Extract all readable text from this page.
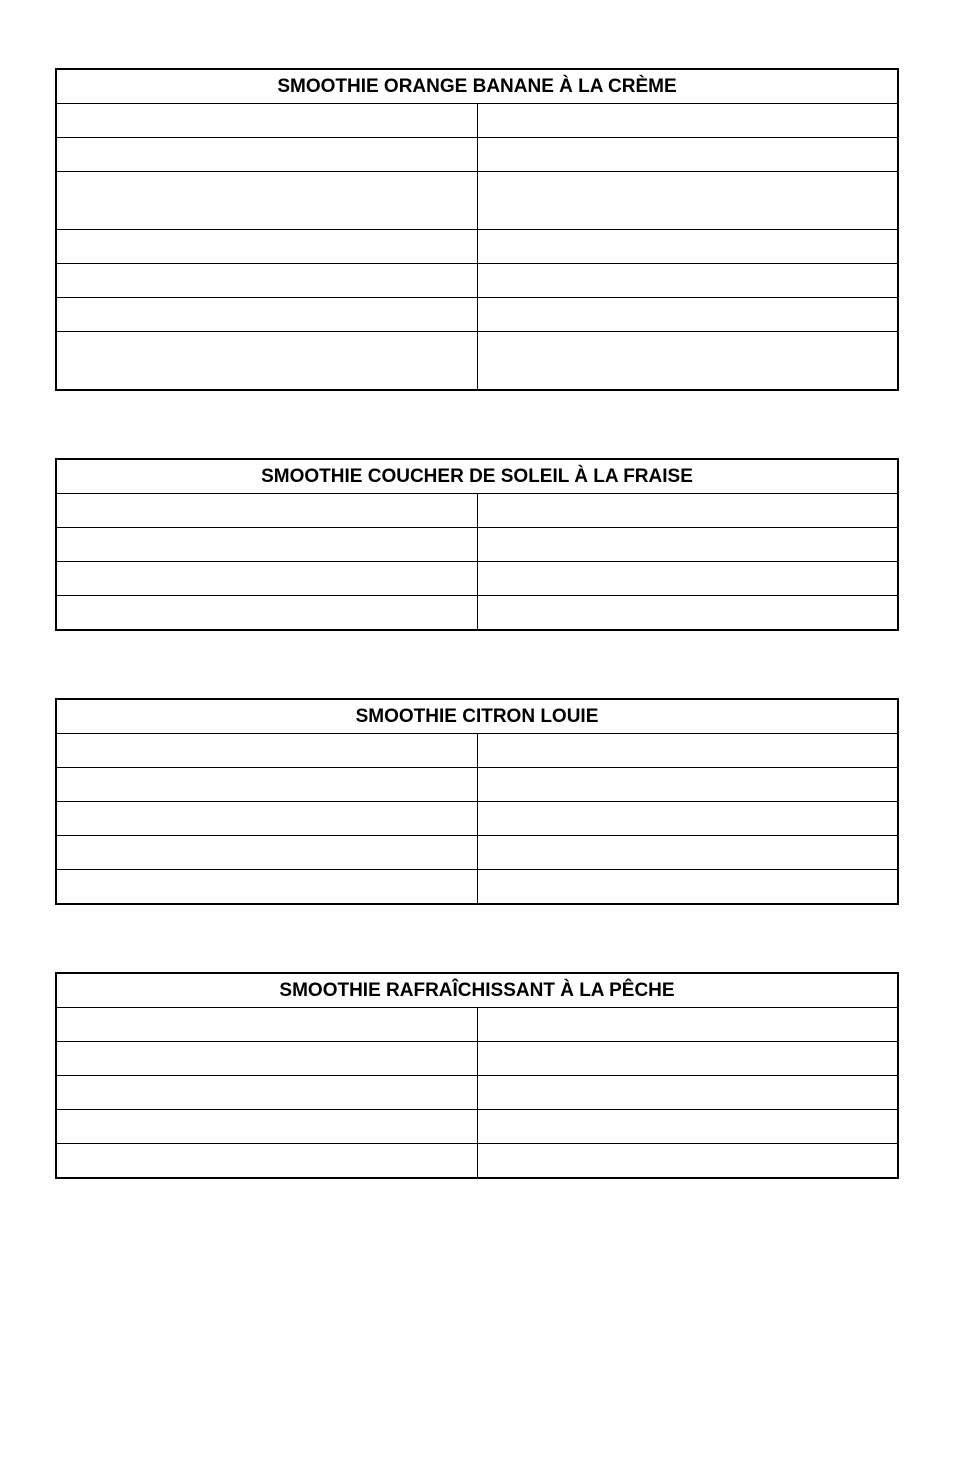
SMOOTHIE ORANGE BANANE À LA CRÈME	

SMOOTHIE COUCHER DE SOLEIL À LA FRAISE	

SMOOTHIE CITRON LOUIE	

SMOOTHIE RAFRAÎCHISSANT À LA PÊCHE	
